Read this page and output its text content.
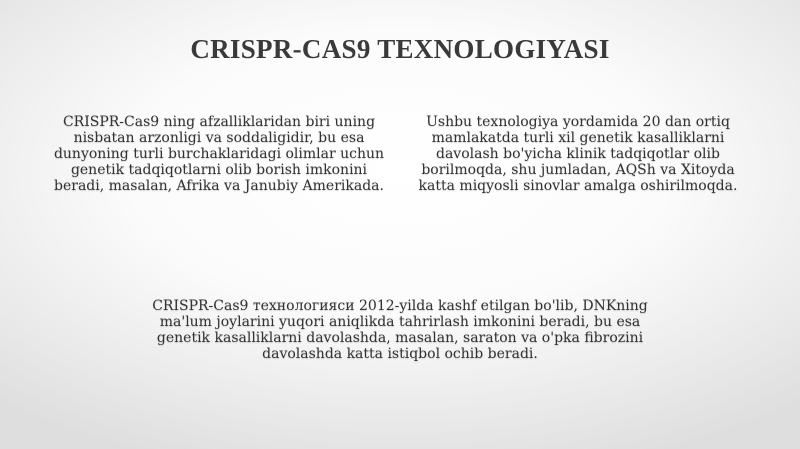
CRISPR-CAS9 TEXNOLOGIYASI

CRISPR-Cas9 ning afzalliklaridan biri uning nisbatan arzonligi va soddaligidir, bu esa dunyoning turli burchaklaridagi olimlar uchun genetik tadqiqotlarni olib borish imkonini beradi, masalan, Afrika va Janubiy Amerikada.

Ushbu texnologiya yordamida 20 dan ortiq mamlakatda turli xil genetik kasalliklarni davolash bo'yicha klinik tadqiqotlar olib borilmoqda, shu jumladan, AQSh va Xitoyda katta miqyosli sinovlar amalga oshirilmoqda.

CRISPR-Cas9 технологияси 2012-yilda kashf etilgan bo'lib, DNKning ma'lum joylarini yuqori aniqlikda tahrirlash imkonini beradi, bu esa genetik kasalliklarni davolashda, masalan, saraton va o'pka fibrozini davolashda katta istiqbol ochib beradi.
